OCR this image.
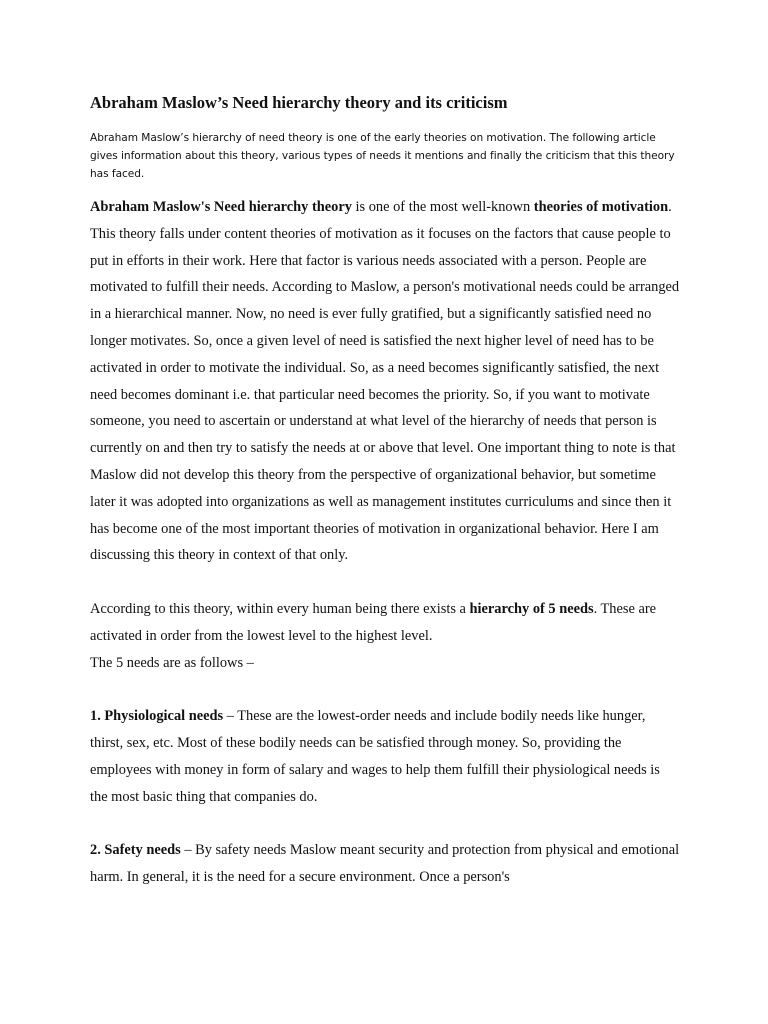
Abraham Maslow’s Need hierarchy theory and its criticism

Abraham Maslow’s hierarchy of need theory is one of the early theories on motivation. The following article gives information about this theory, various types of needs it mentions and finally the criticism that this theory has faced.

Abraham Maslow's Need hierarchy theory is one of the most well-known theories of motivation. This theory falls under content theories of motivation as it focuses on the factors that cause people to put in efforts in their work. Here that factor is various needs associated with a person. People are motivated to fulfill their needs. According to Maslow, a person's motivational needs could be arranged in a hierarchical manner. Now, no need is ever fully gratified, but a significantly satisfied need no longer motivates. So, once a given level of need is satisfied the next higher level of need has to be activated in order to motivate the individual. So, as a need becomes significantly satisfied, the next need becomes dominant i.e. that particular need becomes the priority. So, if you want to motivate someone, you need to ascertain or understand at what level of the hierarchy of needs that person is currently on and then try to satisfy the needs at or above that level. One important thing to note is that Maslow did not develop this theory from the perspective of organizational behavior, but sometime later it was adopted into organizations as well as management institutes curriculums and since then it has become one of the most important theories of motivation in organizational behavior. Here I am discussing this theory in context of that only.

According to this theory, within every human being there exists a hierarchy of 5 needs. These are activated in order from the lowest level to the highest level.
The 5 needs are as follows –

1. Physiological needs – These are the lowest-order needs and include bodily needs like hunger, thirst, sex, etc. Most of these bodily needs can be satisfied through money. So, providing the employees with money in form of salary and wages to help them fulfill their physiological needs is the most basic thing that companies do.

2. Safety needs – By safety needs Maslow meant security and protection from physical and emotional harm. In general, it is the need for a secure environment. Once a person's
